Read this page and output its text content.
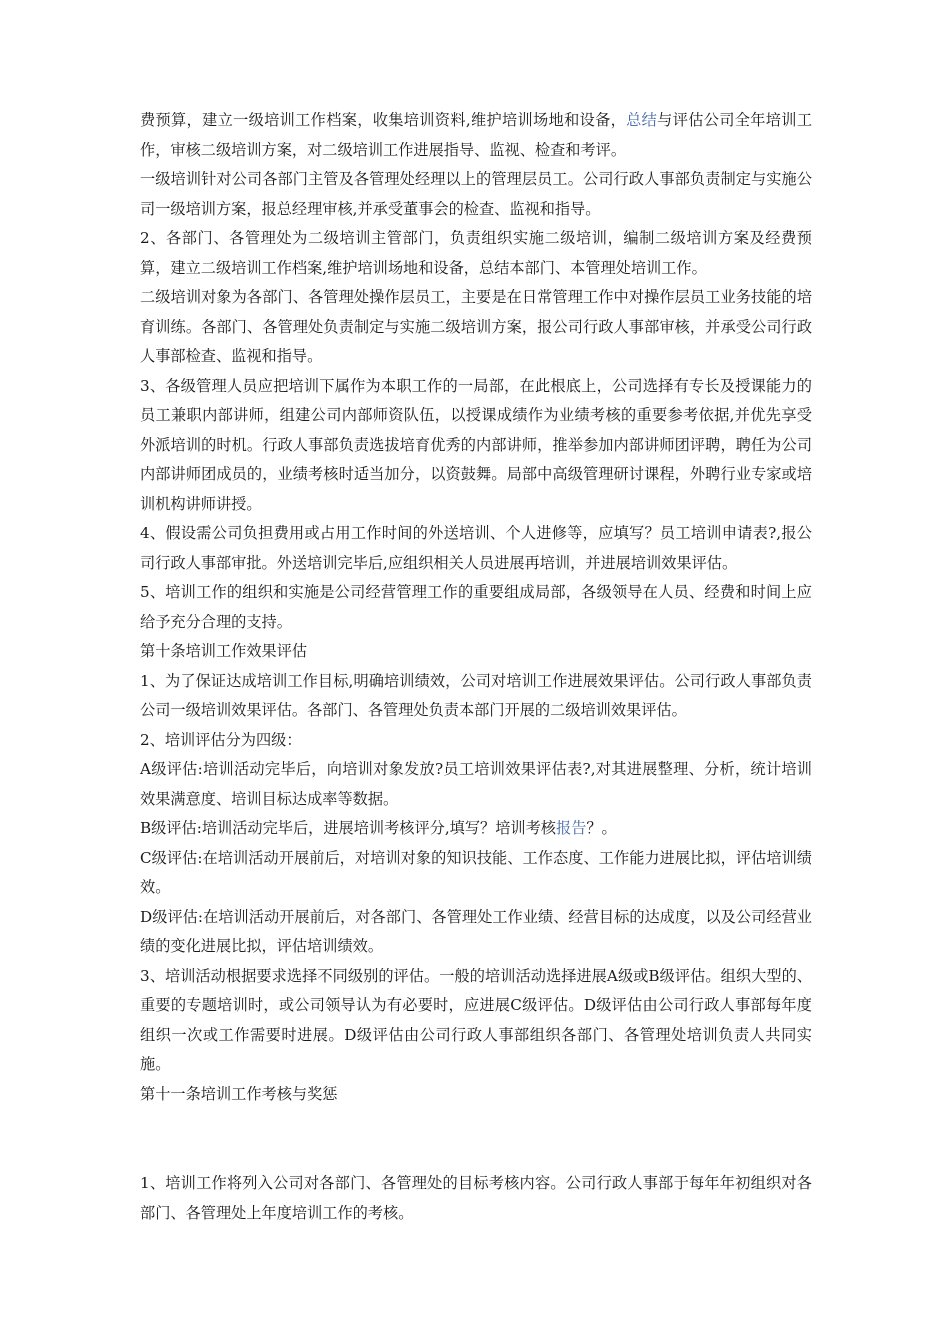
费预算，建立一级培训工作档案，收集培训资料,维护培训场地和设备，总结与评估公司全年培训工作，审核二级培训方案，对二级培训工作进展指导、监视、检查和考评。

一级培训针对公司各部门主管及各管理处经理以上的管理层员工。公司行政人事部负责制定与实施公司一级培训方案，报总经理审核,并承受董事会的检查、监视和指导。

2、各部门、各管理处为二级培训主管部门，负责组织实施二级培训，编制二级培训方案及经费预算，建立二级培训工作档案,维护培训场地和设备，总结本部门、本管理处培训工作。

二级培训对象为各部门、各管理处操作层员工，主要是在日常管理工作中对操作层员工业务技能的培育训练。各部门、各管理处负责制定与实施二级培训方案，报公司行政人事部审核，并承受公司行政人事部检查、监视和指导。

3、各级管理人员应把培训下属作为本职工作的一局部，在此根底上，公司选择有专长及授课能力的员工兼职内部讲师，组建公司内部师资队伍，以授课成绩作为业绩考核的重要参考依据,并优先享受外派培训的时机。行政人事部负责选拔培育优秀的内部讲师，推举参加内部讲师团评聘，聘任为公司内部讲师团成员的，业绩考核时适当加分，以资鼓舞。局部中高级管理研讨课程，外聘行业专家或培训机构讲师讲授。

4、假设需公司负担费用或占用工作时间的外送培训、个人进修等，应填写？员工培训申请表?,报公司行政人事部审批。外送培训完毕后,应组织相关人员进展再培训，并进展培训效果评估。

5、培训工作的组织和实施是公司经营管理工作的重要组成局部，各级领导在人员、经费和时间上应给予充分合理的支持。

第十条培训工作效果评估

1、为了保证达成培训工作目标,明确培训绩效，公司对培训工作进展效果评估。公司行政人事部负责公司一级培训效果评估。各部门、各管理处负责本部门开展的二级培训效果评估。

2、培训评估分为四级：

A级评估:培训活动完毕后，向培训对象发放?员工培训效果评估表?,对其进展整理、分析，统计培训效果满意度、培训目标达成率等数据。

B级评估:培训活动完毕后，进展培训考核评分,填写？培训考核报告？。

C级评估:在培训活动开展前后，对培训对象的知识技能、工作态度、工作能力进展比拟，评估培训绩效。

D级评估:在培训活动开展前后，对各部门、各管理处工作业绩、经营目标的达成度，以及公司经营业绩的变化进展比拟，评估培训绩效。

3、培训活动根据要求选择不同级别的评估。一般的培训活动选择进展A级或B级评估。组织大型的、重要的专题培训时，或公司领导认为有必要时，应进展C级评估。D级评估由公司行政人事部每年度组织一次或工作需要时进展。D级评估由公司行政人事部组织各部门、各管理处培训负责人共同实施。

第十一条培训工作考核与奖惩

1、培训工作将列入公司对各部门、各管理处的目标考核内容。公司行政人事部于每年年初组织对各部门、各管理处上年度培训工作的考核。
